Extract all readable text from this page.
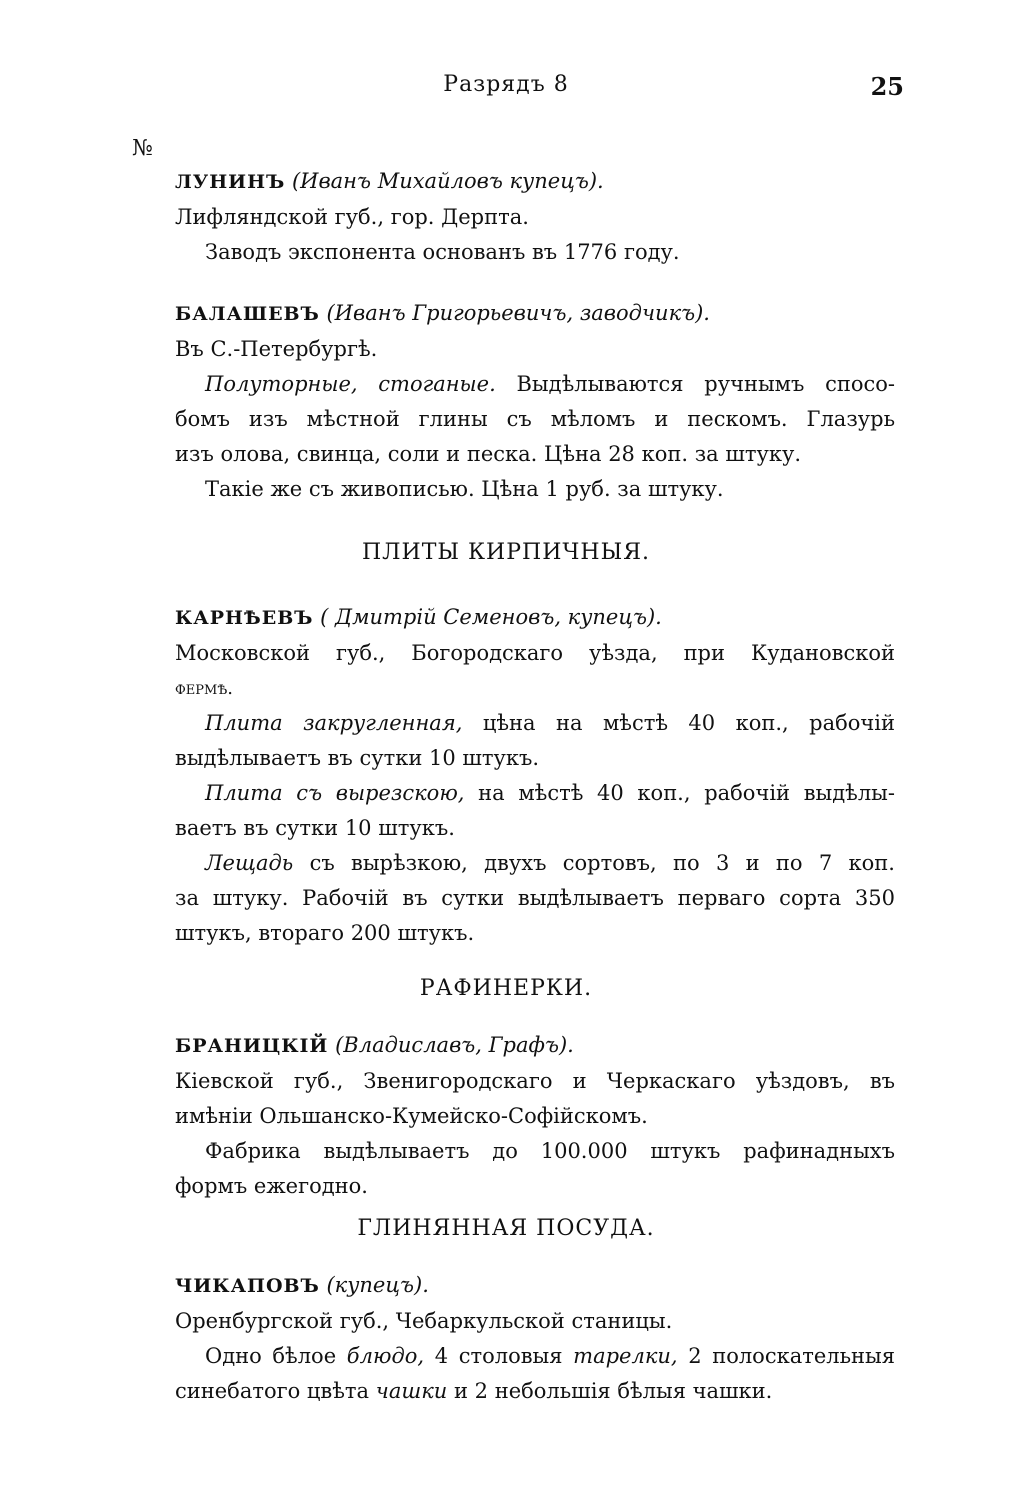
Разрядъ 8	25
№
ЛУНИНЪ (Иванъ Михайловъ купецъ).
Лифляндской губ., гор. Дерпта.
Заводъ экспонента основанъ въ 1776 году.
БАЛАШЕВЪ (Иванъ Григорьевичъ, заводчикъ).
Въ С.-Петербургѣ.
Полуторные, стоганые. Выдѣлываются ручнымъ спосо-
бомъ изъ мѣстной глины съ мѣломъ и пескомъ. Глазурь
изъ олова, свинца, соли и песка. Цѣна 28 коп. за штуку.
Такіе же съ живописью. Цѣна 1 руб. за штуку.
ПЛИТЫ КИРПИЧНЫЯ.
КАРНѢЕВЪ ( Дмитрій Семеновъ, купецъ).
Московской губ., Богородскаго уѣзда, при Кудановской
фермѣ.
Плита закругленная, цѣна на мѣстѣ 40 коп., рабочій
выдѣлываетъ въ сутки 10 штукъ.
Плита съ вырезскою, на мѣстѣ 40 коп., рабочій выдѣлы-
ваетъ въ сутки 10 штукъ.
Лещадь съ вырѣзкою, двухъ сортовъ, по 3 и по 7 коп.
за штуку. Рабочій въ сутки выдѣлываетъ перваго сорта 350
штукъ, втораго 200 штукъ.
РАФИНЕРКИ.
БРАНИЦКІЙ (Владиславъ, Графъ).
Кіевской губ., Звенигородскаго и Черкаскаго уѣздовъ, въ
имѣніи Ольшанско-Кумейско-Софійскомъ.
Фабрика выдѣлываетъ до 100.000 штукъ рафинадныхъ
формъ ежегодно.
ГЛИНЯННАЯ ПОСУДА.
ЧИКАПОВЪ (купецъ).
Оренбургской губ., Чебаркульской станицы.
Одно бѣлое блюдо, 4 столовыя тарелки, 2 полоскательныя
синебатого цвѣта чашки и 2 небольшія бѣлыя чашки.
